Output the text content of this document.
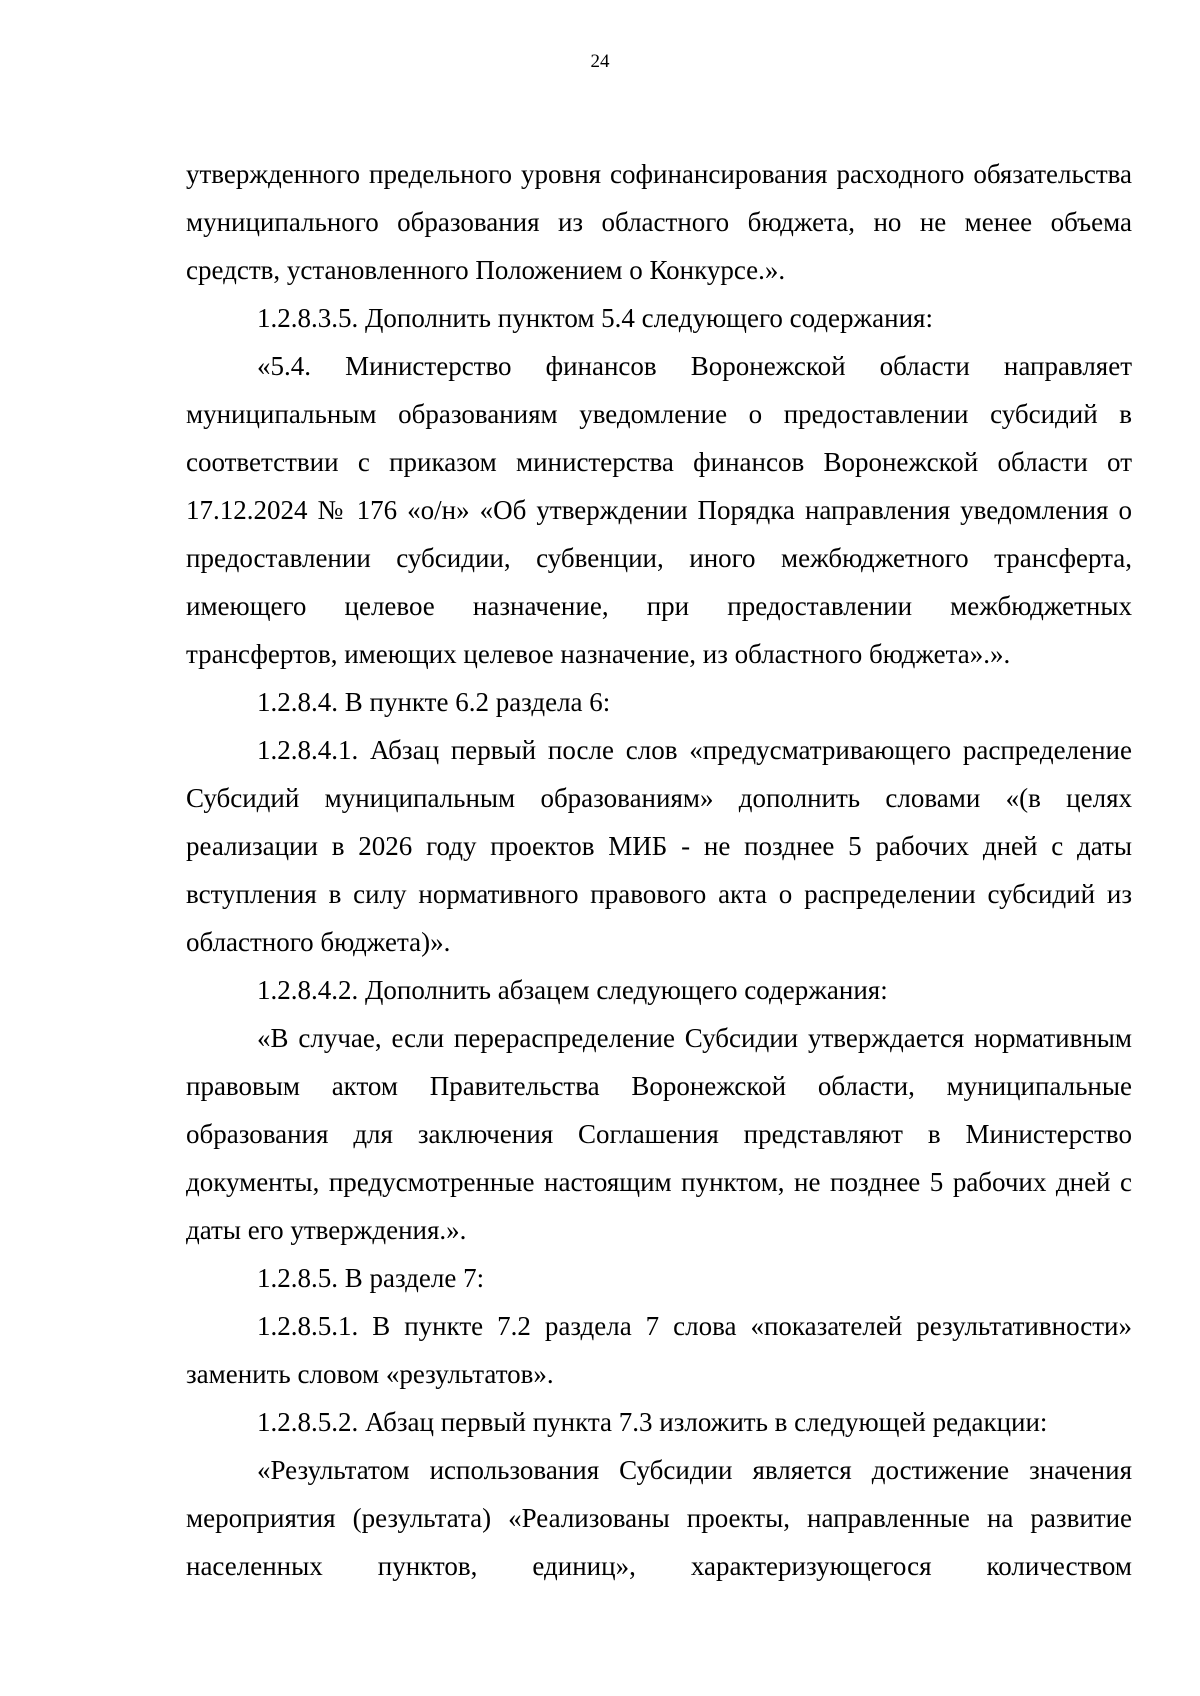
24

утвержденного предельного уровня софинансирования расходного обязательства муниципального образования из областного бюджета, но не менее объема средств, установленного Положением о Конкурсе.».

1.2.8.3.5. Дополнить пунктом 5.4 следующего содержания:

«5.4. Министерство финансов Воронежской области направляет муниципальным образованиям уведомление о предоставлении субсидий в соответствии с приказом министерства финансов Воронежской области от 17.12.2024 № 176 «о/н» «Об утверждении Порядка направления уведомления о предоставлении субсидии, субвенции, иного межбюджетного трансферта, имеющего целевое назначение, при предоставлении межбюджетных трансфертов, имеющих целевое назначение, из областного бюджета».».

1.2.8.4. В пункте 6.2 раздела 6:

1.2.8.4.1. Абзац первый после слов «предусматривающего распределение Субсидий муниципальным образованиям» дополнить словами «(в целях реализации в 2026 году проектов МИБ - не позднее 5 рабочих дней с даты вступления в силу нормативного правового акта о распределении субсидий из областного бюджета)».

1.2.8.4.2. Дополнить абзацем следующего содержания:

«В случае, если перераспределение Субсидии утверждается нормативным правовым актом Правительства Воронежской области, муниципальные образования для заключения Соглашения представляют в Министерство документы, предусмотренные настоящим пунктом, не позднее 5 рабочих дней с даты его утверждения.».

1.2.8.5. В разделе 7:

1.2.8.5.1. В пункте 7.2 раздела 7 слова «показателей результативности» заменить словом «результатов».

1.2.8.5.2. Абзац первый пункта 7.3 изложить в следующей редакции:

«Результатом использования Субсидии является достижение значения мероприятия (результата) «Реализованы проекты, направленные на развитие населенных пунктов, единиц», характеризующегося количеством
